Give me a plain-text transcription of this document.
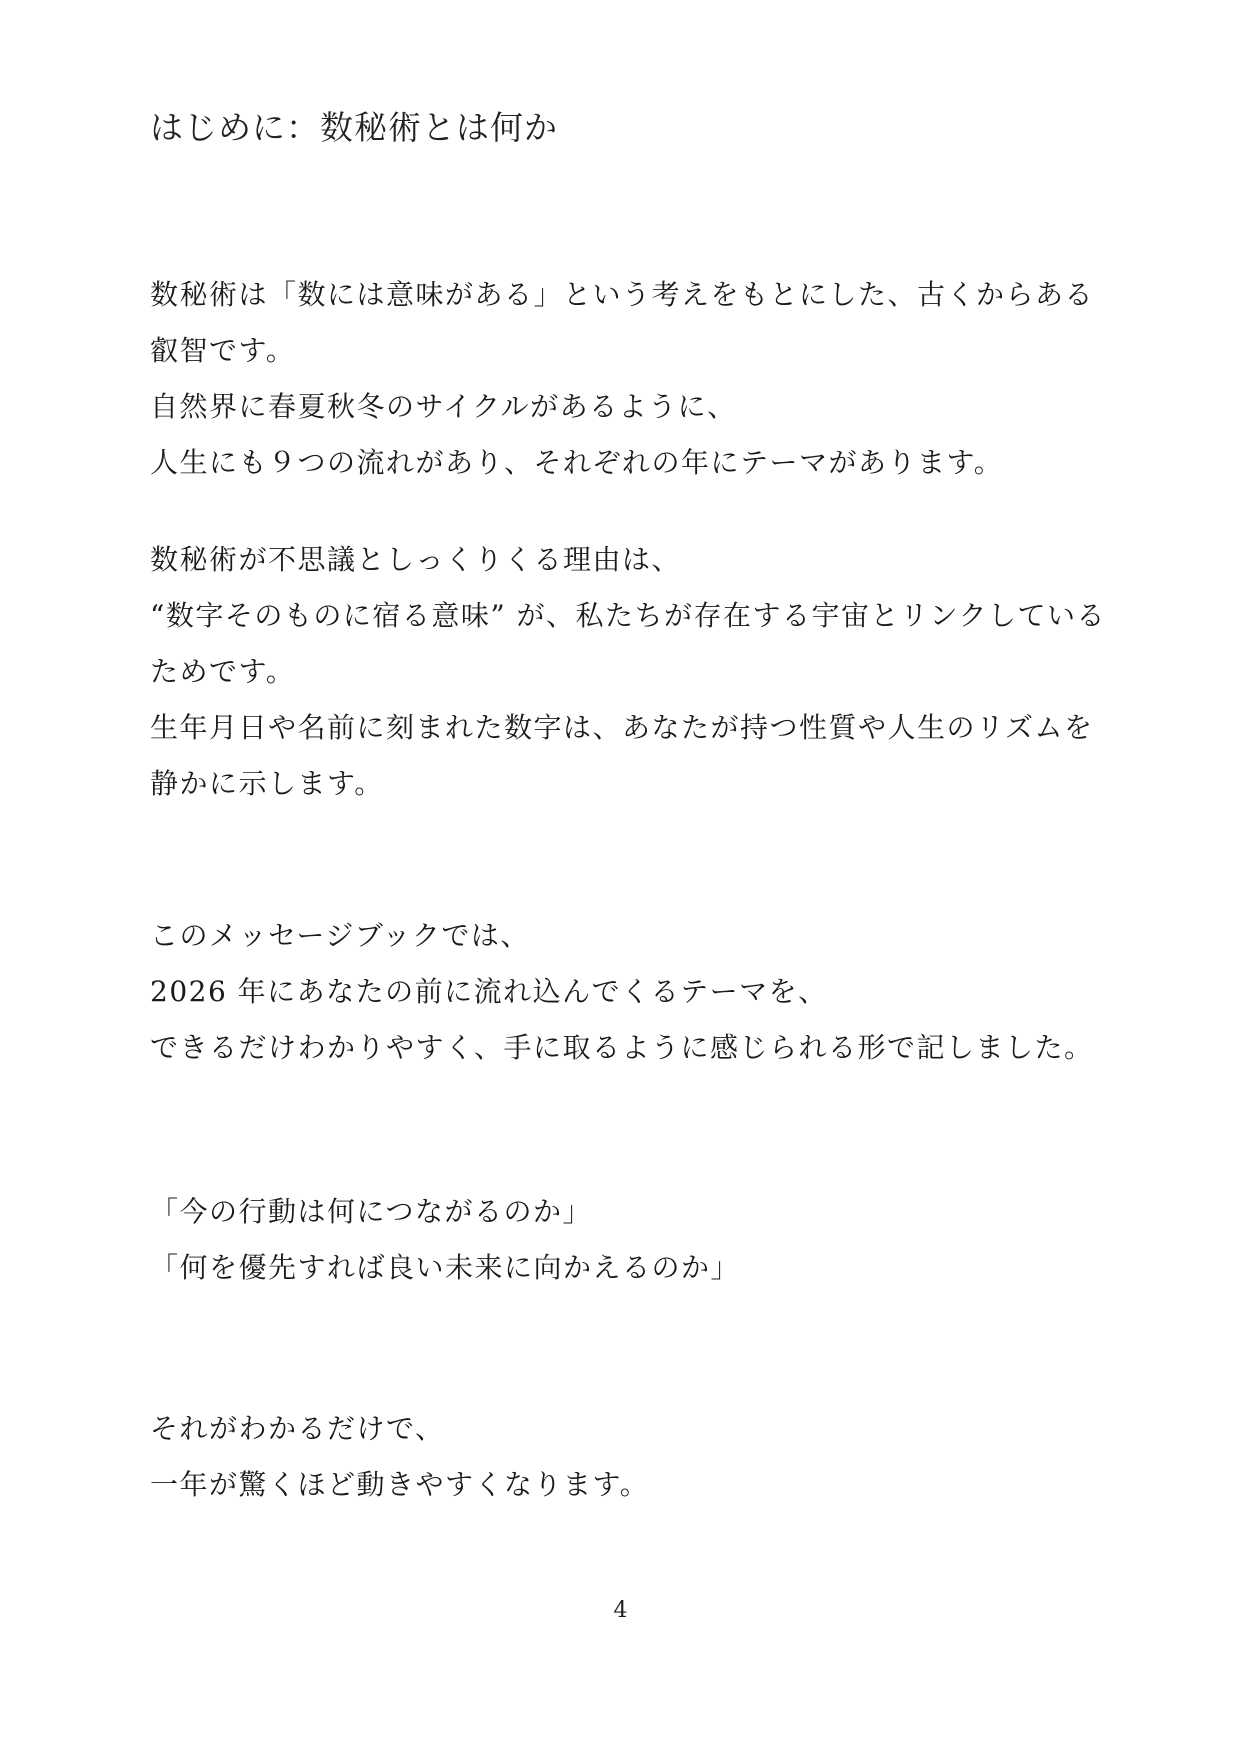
はじめに：数秘術とは何か
数秘術は「数には意味がある」という考えをもとにした、古くからある
叡智です。
自然界に春夏秋冬のサイクルがあるように、
人生にも９つの流れがあり、それぞれの年にテーマがあります。
数秘術が不思議としっくりくる理由は、
“数字そのものに宿る意味” が、私たちが存在する宇宙とリンクしている
ためです。
生年月日や名前に刻まれた数字は、あなたが持つ性質や人生のリズムを
静かに示します。
このメッセージブックでは、
2026 年にあなたの前に流れ込んでくるテーマを、
できるだけわかりやすく、手に取るように感じられる形で記しました。
「今の行動は何につながるのか」
「何を優先すれば良い未来に向かえるのか」
それがわかるだけで、
一年が驚くほど動きやすくなります。
4
